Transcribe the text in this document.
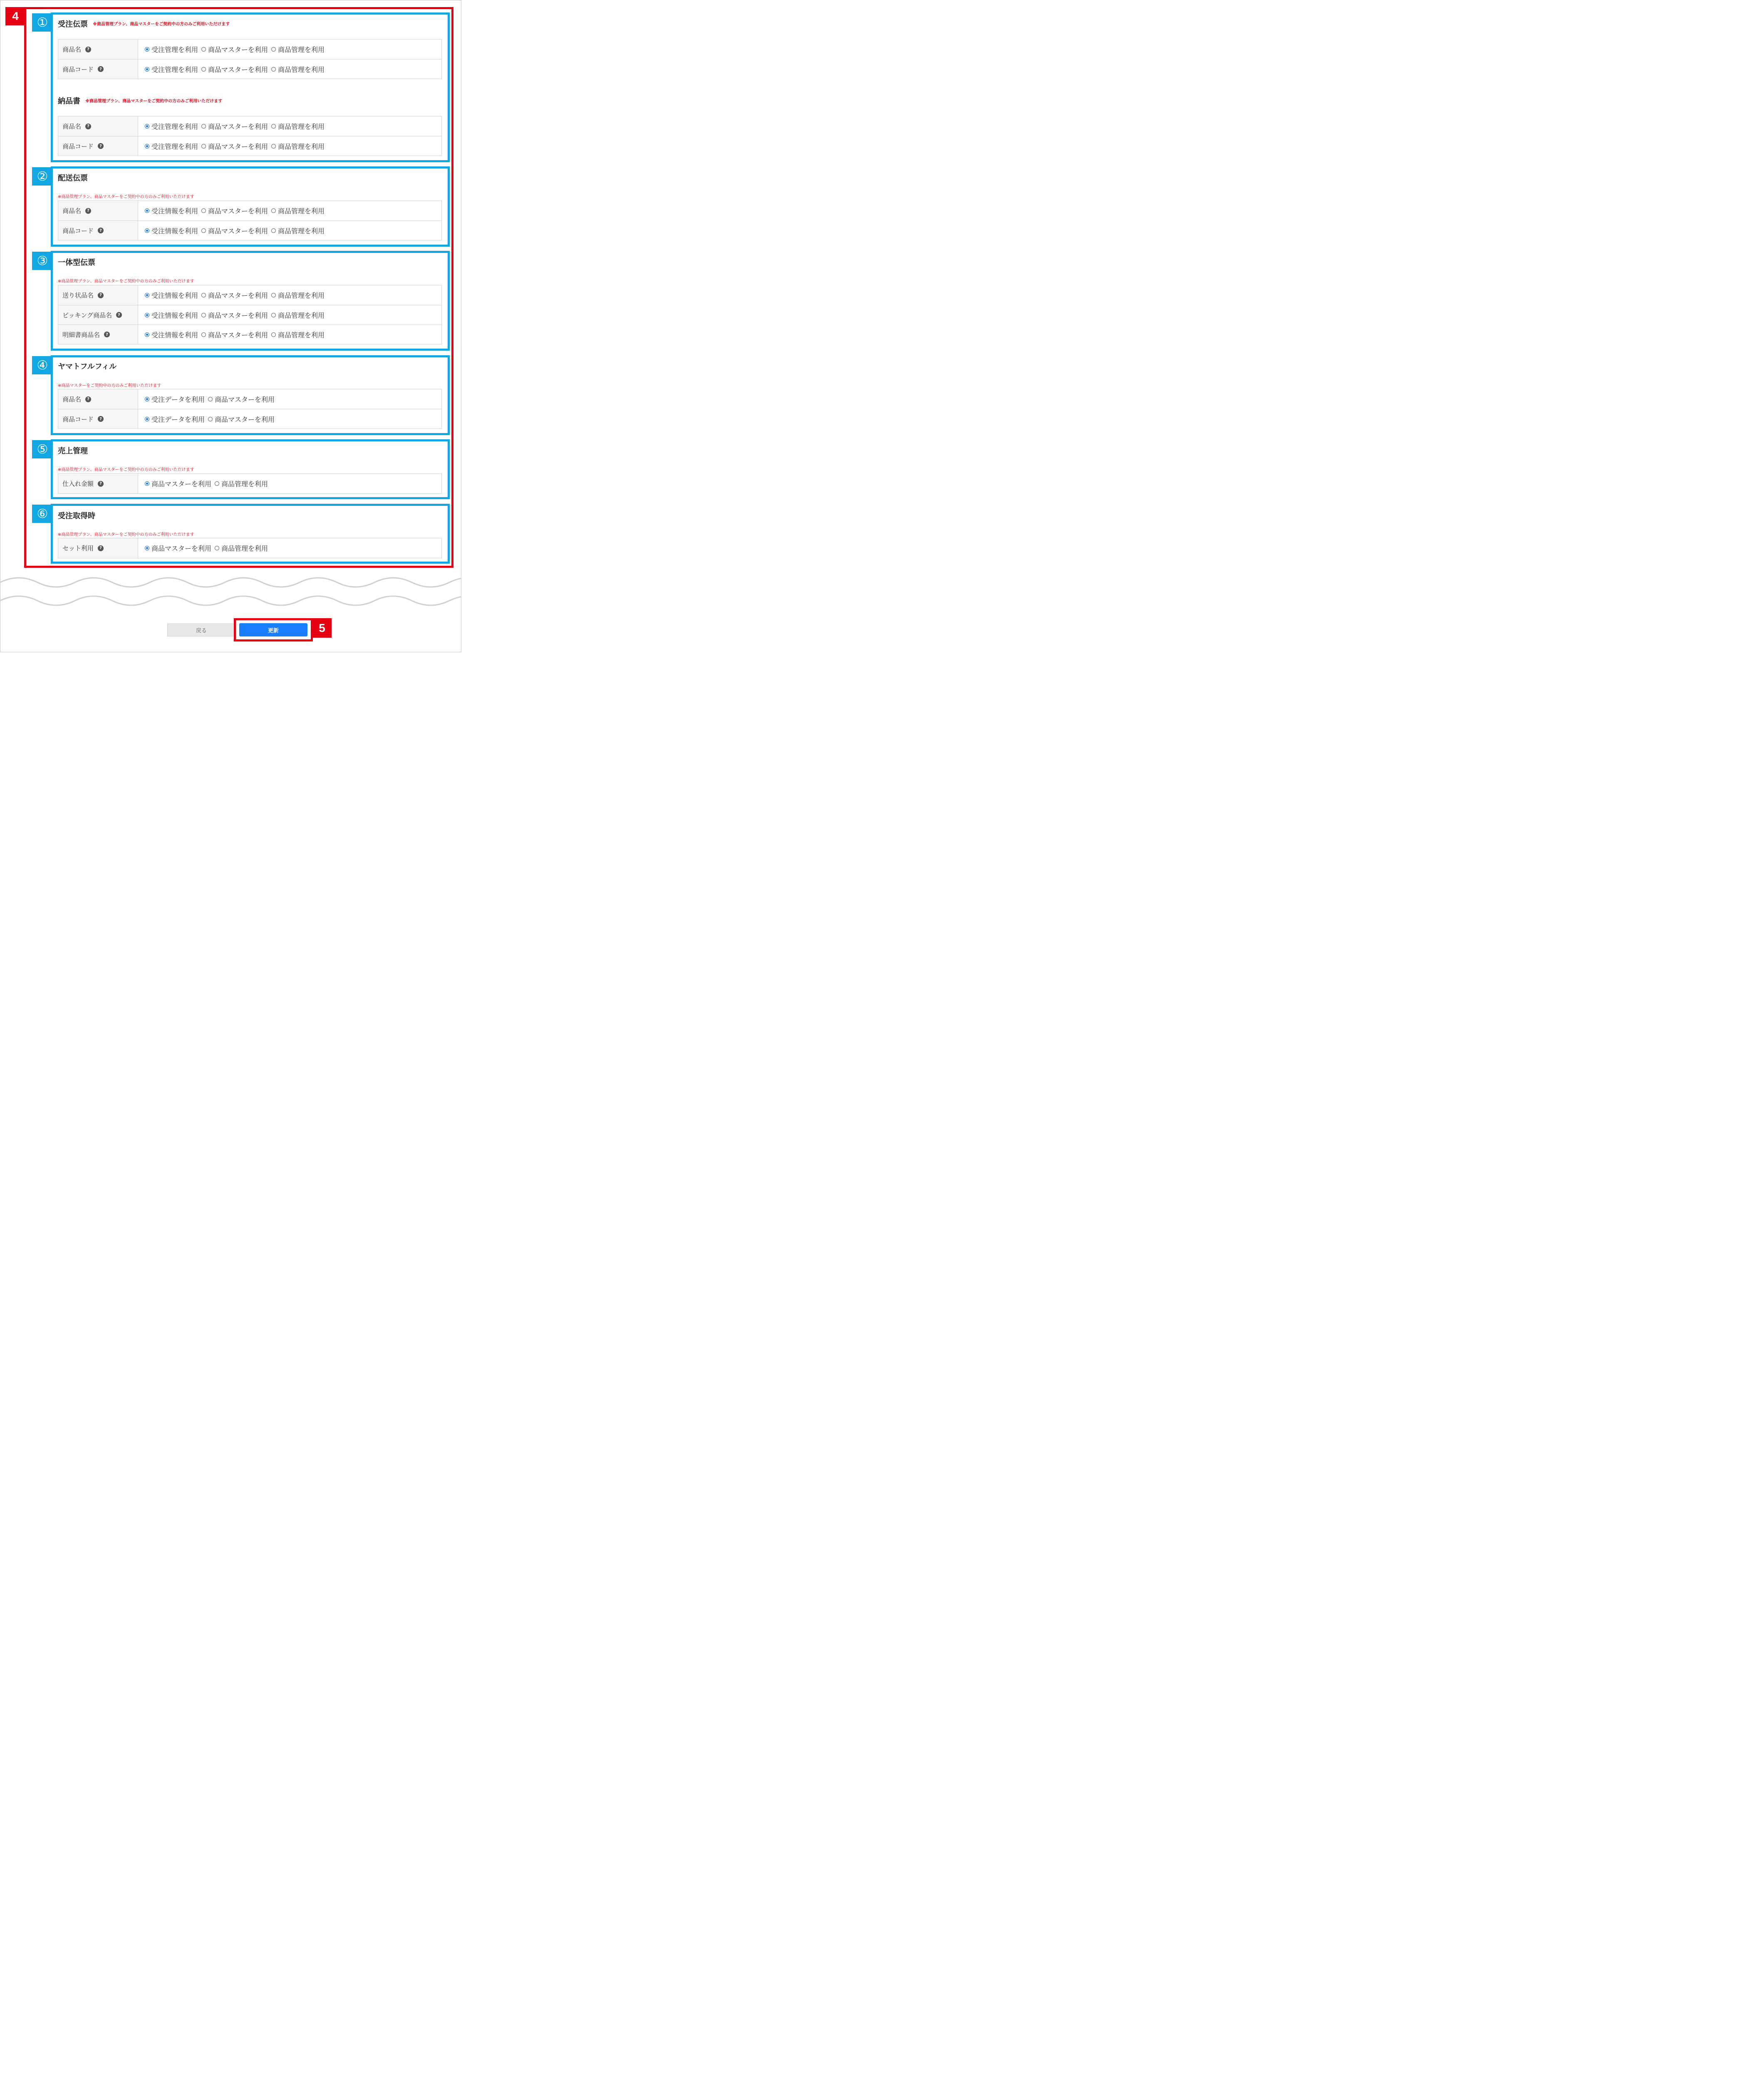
4	①	受注伝票 ※商品管理プラン、商品マスターをご契約中の方のみご利用いただけます
商品名	?	受注管理を利用 商品マスターを利用 商品管理を利用
商品コード	?	受注管理を利用 商品マスターを利用 商品管理を利用
納品書 ※商品管理プラン、商品マスターをご契約中の方のみご利用いただけます
商品名	?	受注管理を利用 商品マスターを利用 商品管理を利用
商品コード	?	受注管理を利用 商品マスターを利用 商品管理を利用
②	配送伝票
※商品管理プラン、商品マスターをご契約中の方のみご利用いただけます
商品名	?	受注情報を利用 商品マスターを利用 商品管理を利用
商品コード	?	受注情報を利用 商品マスターを利用 商品管理を利用
③	一体型伝票
※商品管理プラン、商品マスターをご契約中の方のみご利用いただけます
送り状品名	?	受注情報を利用 商品マスターを利用 商品管理を利用
ピッキング商品名	?	受注情報を利用 商品マスターを利用 商品管理を利用
明細書商品名	?	受注情報を利用 商品マスターを利用 商品管理を利用
④	ヤマトフルフィル
※商品マスターをご契約中の方のみご利用いただけます
商品名	?	受注データを利用 商品マスターを利用
商品コード	?	受注データを利用 商品マスターを利用
⑤	売上管理
※商品管理プラン、商品マスターをご契約中の方のみご利用いただけます
仕入れ金額	?	商品マスターを利用 商品管理を利用
⑥	受注取得時
※商品管理プラン、商品マスターをご契約中の方のみご利用いただけます
セット利用	?	商品マスターを利用 商品管理を利用
戻る	更新	5
